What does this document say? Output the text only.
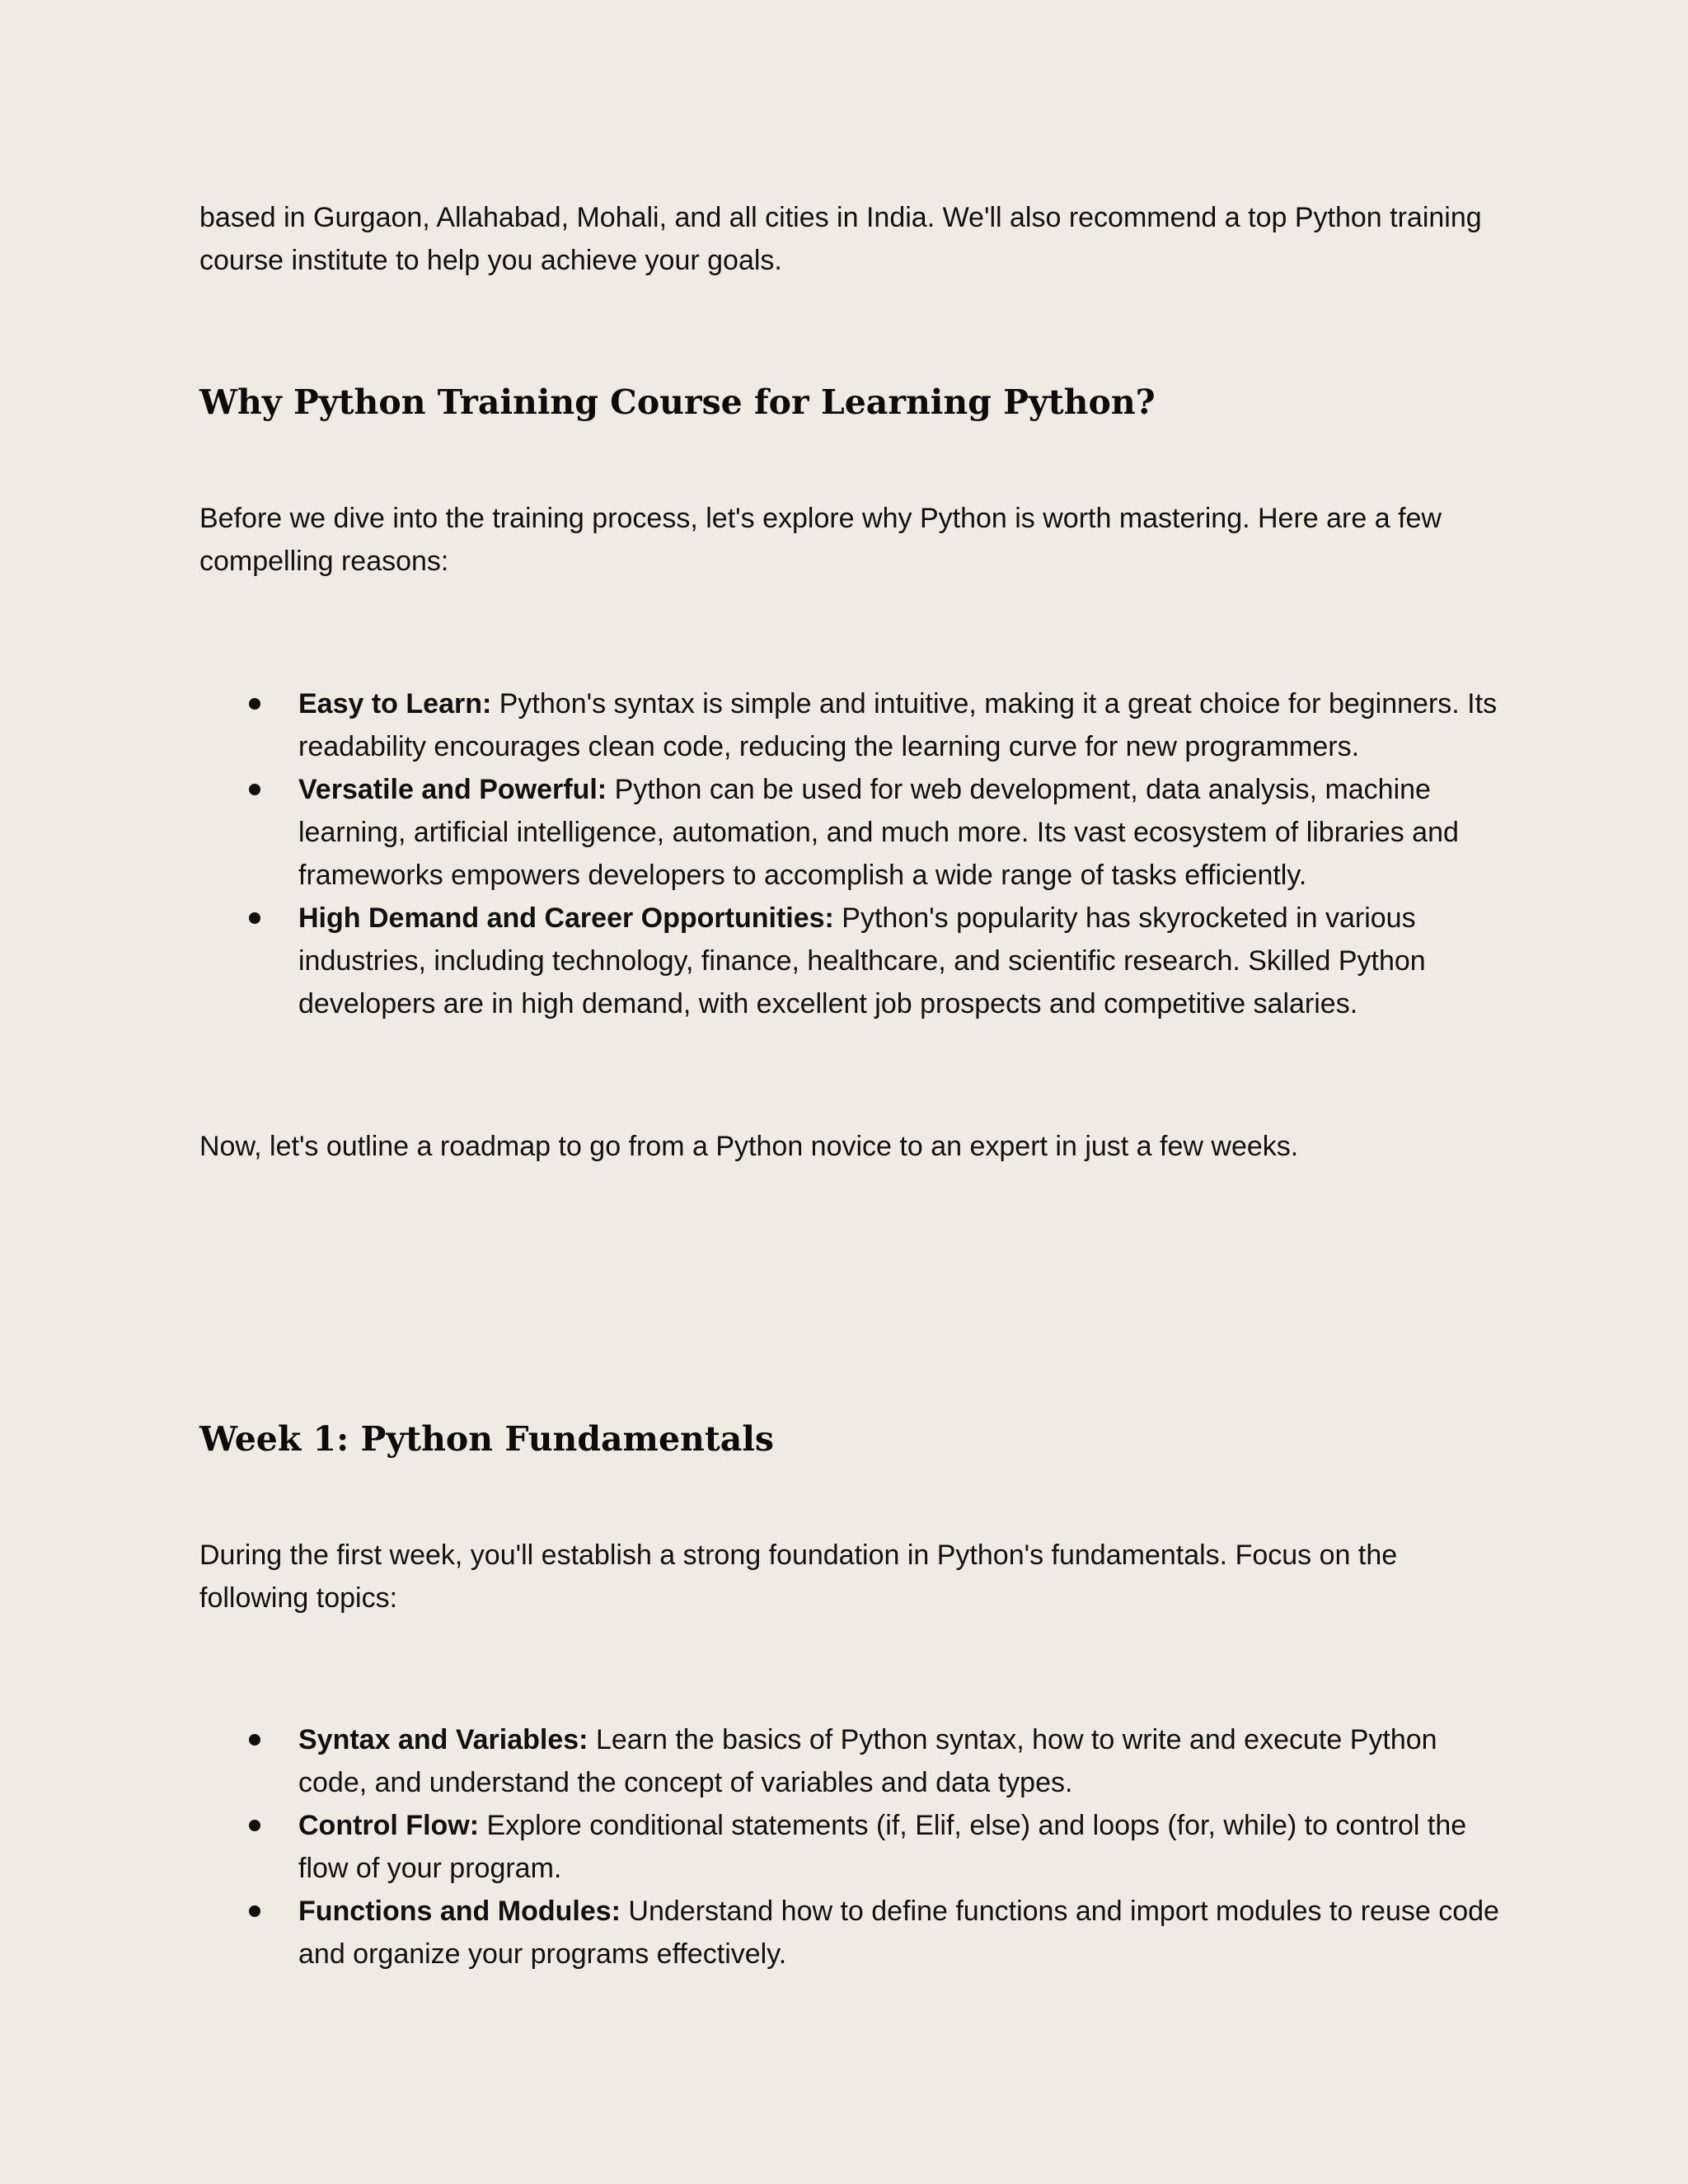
based in Gurgaon, Allahabad, Mohali, and all cities in India. We'll also recommend a top Python training course institute to help you achieve your goals.

Why Python Training Course for Learning Python?

Before we dive into the training process, let's explore why Python is worth mastering. Here are a few compelling reasons:

Easy to Learn: Python's syntax is simple and intuitive, making it a great choice for beginners. Its readability encourages clean code, reducing the learning curve for new programmers.
Versatile and Powerful: Python can be used for web development, data analysis, machine learning, artificial intelligence, automation, and much more. Its vast ecosystem of libraries and frameworks empowers developers to accomplish a wide range of tasks efficiently.
High Demand and Career Opportunities: Python's popularity has skyrocketed in various industries, including technology, finance, healthcare, and scientific research. Skilled Python developers are in high demand, with excellent job prospects and competitive salaries.

Now, let's outline a roadmap to go from a Python novice to an expert in just a few weeks.

Week 1: Python Fundamentals

During the first week, you'll establish a strong foundation in Python's fundamentals. Focus on the following topics:

Syntax and Variables: Learn the basics of Python syntax, how to write and execute Python code, and understand the concept of variables and data types.
Control Flow: Explore conditional statements (if, Elif, else) and loops (for, while) to control the flow of your program.
Functions and Modules: Understand how to define functions and import modules to reuse code and organize your programs effectively.
